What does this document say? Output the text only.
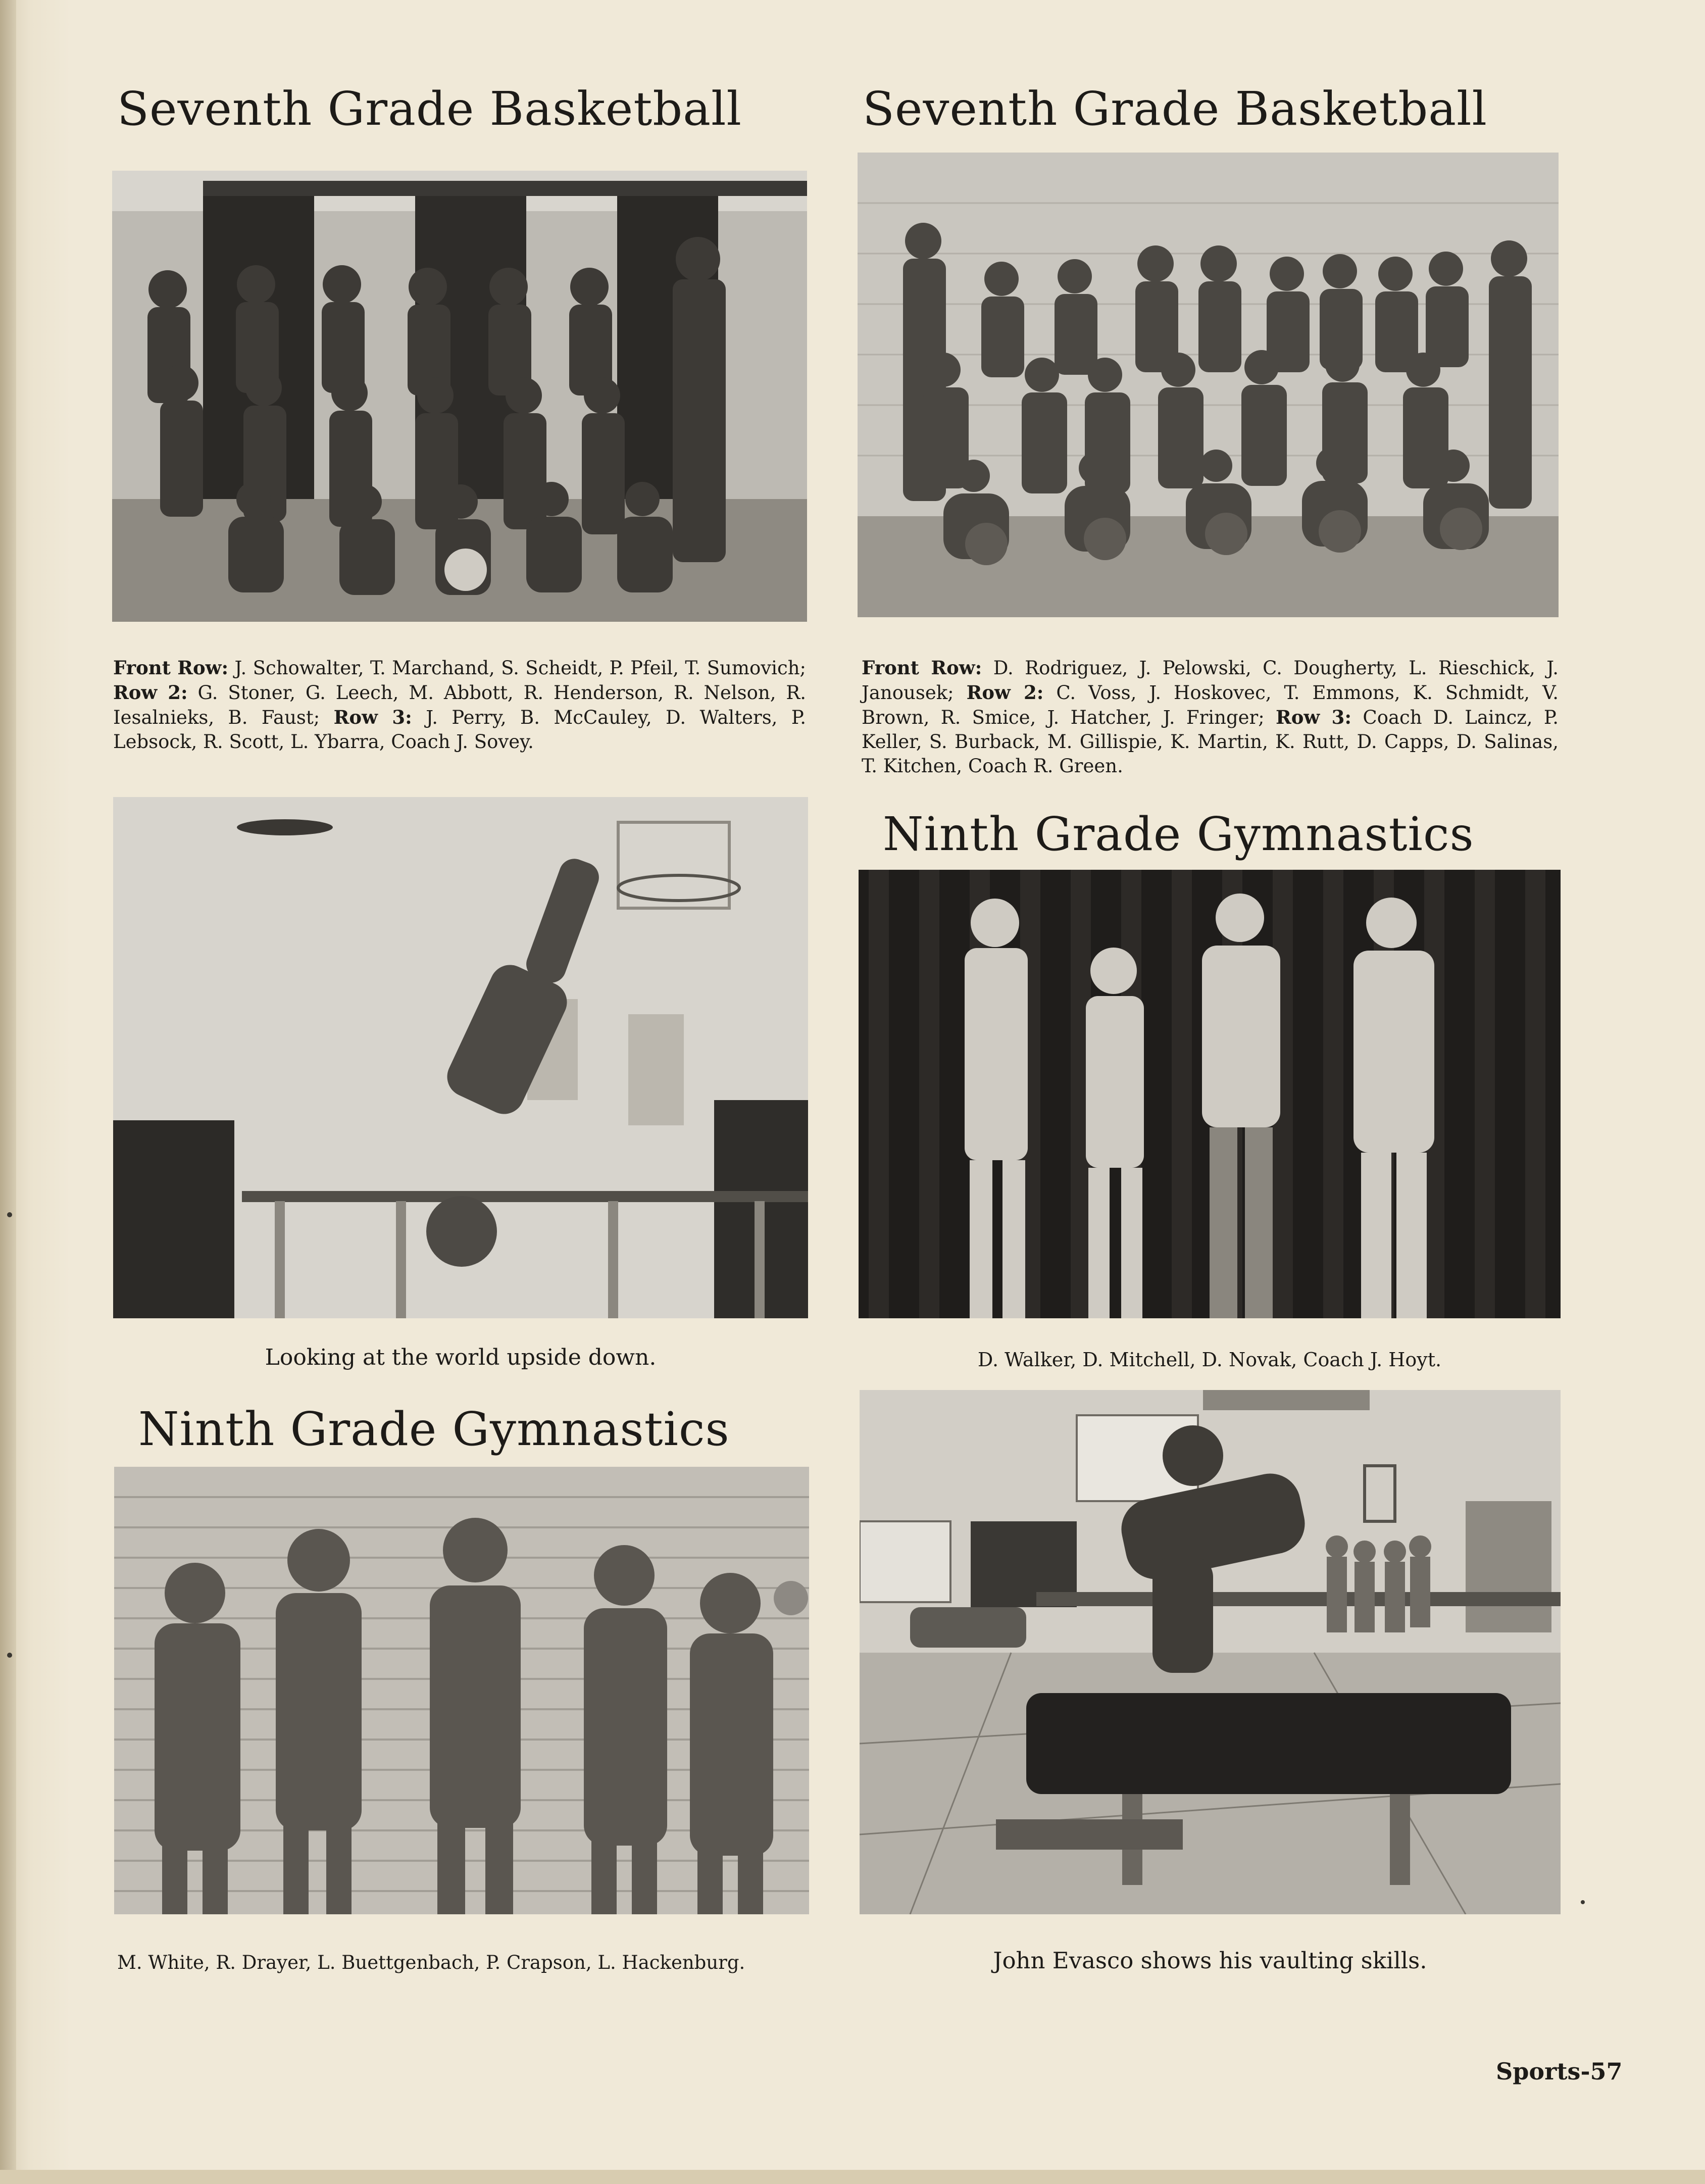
Seventh Grade Basketball

Front Row: J. Schowalter, T. Marchand, S. Scheidt, P. Pfeil, T. Sumovich; Row 2: G. Stoner, G. Leech, M. Abbott, R. Henderson, R. Nelson, R. Iesalnieks, B. Faust; Row 3: J. Perry, B. McCauley, D. Walters, P. Lebsock, R. Scott, L. Ybarra, Coach J. Sovey.

Seventh Grade Basketball

Front Row: D. Rodriguez, J. Pelowski, C. Dougherty, L. Rieschick, J. Janousek; Row 2: C. Voss, J. Hoskovec, T. Emmons, K. Schmidt, V. Brown, R. Smice, J. Hatcher, J. Fringer; Row 3: Coach D. Laincz, P. Keller, S. Burback, M. Gillispie, K. Martin, K. Rutt, D. Capps, D. Salinas, T. Kitchen, Coach R. Green.

Looking at the world upside down.

Ninth Grade Gymnastics

D. Walker, D. Mitchell, D. Novak, Coach J. Hoyt.

Ninth Grade Gymnastics

M. White, R. Drayer, L. Buettgenbach, P. Crapson, L. Hackenburg.	John Evasco shows his vaulting skills.

Sports-57
